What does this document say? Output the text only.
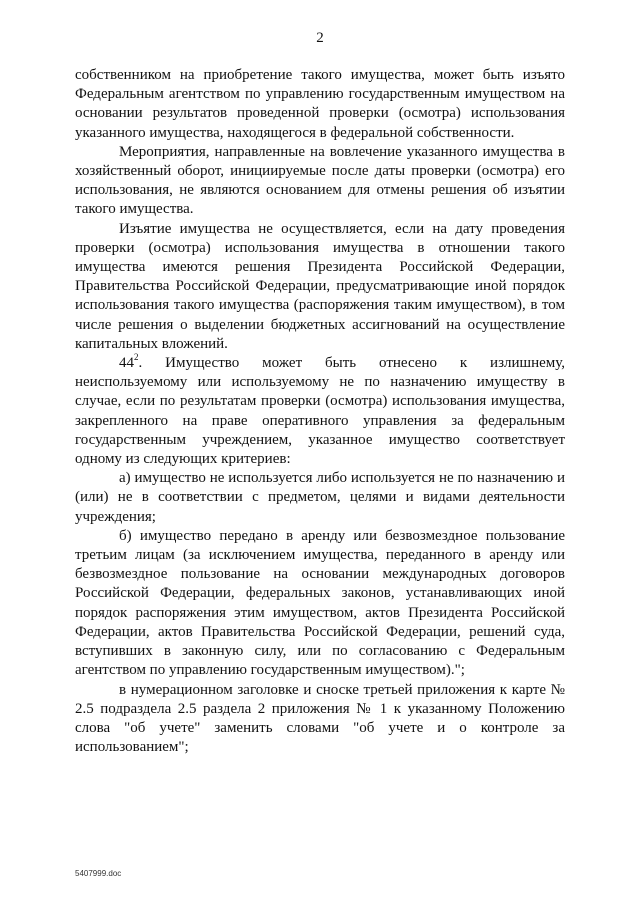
2

собственником на приобретение такого имущества, может быть изъято Федеральным агентством по управлению государственным имуществом на основании результатов проведенной проверки (осмотра) использования указанного имущества, находящегося в федеральной собственности.

Мероприятия, направленные на вовлечение указанного имущества в хозяйственный оборот, инициируемые после даты проверки (осмотра) его использования, не являются основанием для отмены решения об изъятии такого имущества.

Изъятие имущества не осуществляется, если на дату проведения проверки (осмотра) использования имущества в отношении такого имущества имеются решения Президента Российской Федерации, Правительства Российской Федерации, предусматривающие иной порядок использования такого имущества (распоряжения таким имуществом), в том числе решения о выделении бюджетных ассигнований на осуществление капитальных вложений.

$44^2$. Имущество может быть отнесено к излишнему, неиспользуемому или используемому не по назначению имуществу в случае, если по результатам проверки (осмотра) использования имущества, закрепленного на праве оперативного управления за федеральным государственным учреждением, указанное имущество соответствует одному из следующих критериев:

а) имущество не используется либо используется не по назначению и (или) не в соответствии с предметом, целями и видами деятельности учреждения;

б) имущество передано в аренду или безвозмездное пользование третьим лицам (за исключением имущества, переданного в аренду или безвозмездное пользование на основании международных договоров Российской Федерации, федеральных законов, устанавливающих иной порядок распоряжения этим имуществом, актов Президента Российской Федерации, актов Правительства Российской Федерации, решений суда, вступивших в законную силу, или по согласованию с Федеральным агентством по управлению государственным имуществом).";

в нумерационном заголовке и сноске третьей приложения к карте № 2.5 подраздела 2.5 раздела 2 приложения № 1 к указанному Положению слова "об учете" заменить словами "об учете и о контроле за использованием";

5407999.doc
